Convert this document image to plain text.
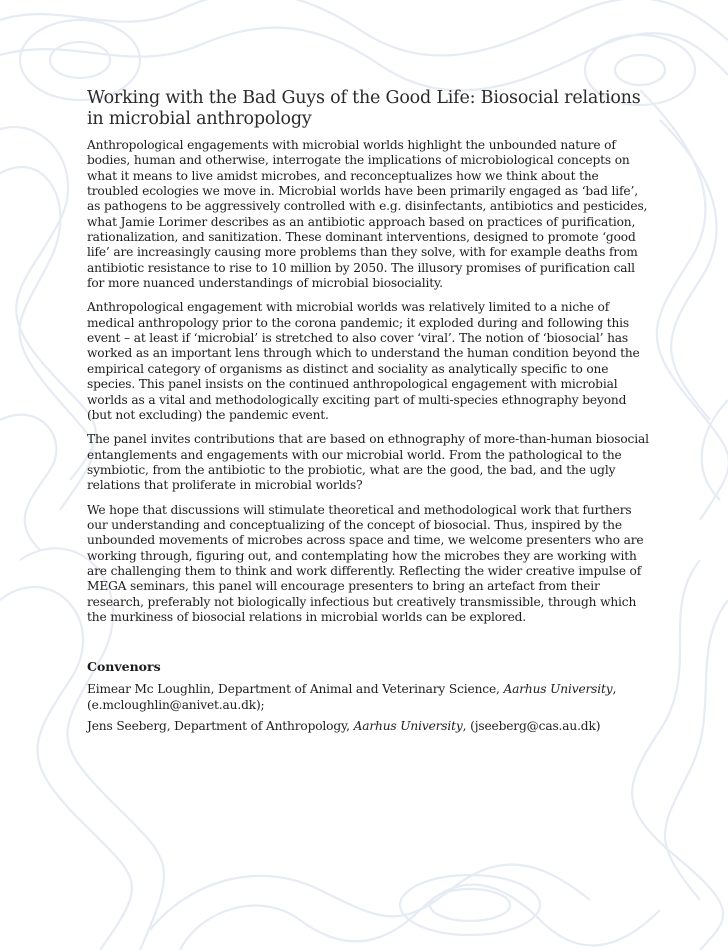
Working with the Bad Guys of the Good Life: Biosocial relations in microbial anthropology

Anthropological engagements with microbial worlds highlight the unbounded nature of bodies, human and otherwise, interrogate the implications of microbiological concepts on what it means to live amidst microbes, and reconceptualizes how we think about the troubled ecologies we move in. Microbial worlds have been primarily engaged as ‘bad life’, as pathogens to be aggressively controlled with e.g. disinfectants, antibiotics and pesticides, what Jamie Lorimer describes as an antibiotic approach based on practices of purification, rationalization, and sanitization. These dominant interventions, designed to promote ‘good life’ are increasingly causing more problems than they solve, with for example deaths from antibiotic resistance to rise to 10 million by 2050. The illusory promises of purification call for more nuanced understandings of microbial biosociality.

Anthropological engagement with microbial worlds was relatively limited to a niche of medical anthropology prior to the corona pandemic; it exploded during and following this event – at least if ‘microbial’ is stretched to also cover ‘viral’. The notion of ‘biosocial’ has worked as an important lens through which to understand the human condition beyond the empirical category of organisms as distinct and sociality as analytically specific to one species. This panel insists on the continued anthropological engagement with microbial worlds as a vital and methodologically exciting part of multi-species ethnography beyond (but not excluding) the pandemic event.

The panel invites contributions that are based on ethnography of more-than-human biosocial entanglements and engagements with our microbial world. From the pathological to the symbiotic, from the antibiotic to the probiotic, what are the good, the bad, and the ugly relations that proliferate in microbial worlds?

We hope that discussions will stimulate theoretical and methodological work that furthers our understanding and conceptualizing of the concept of biosocial. Thus, inspired by the unbounded movements of microbes across space and time, we welcome presenters who are working through, figuring out, and contemplating how the microbes they are working with are challenging them to think and work differently. Reflecting the wider creative impulse of MEGA seminars, this panel will encourage presenters to bring an artefact from their research, preferably not biologically infectious but creatively transmissible, through which the murkiness of biosocial relations in microbial worlds can be explored.

Convenors

Eimear Mc Loughlin, Department of Animal and Veterinary Science, Aarhus University, (e.mcloughlin@anivet.au.dk);

Jens Seeberg, Department of Anthropology, Aarhus University, (jseeberg@cas.au.dk)
